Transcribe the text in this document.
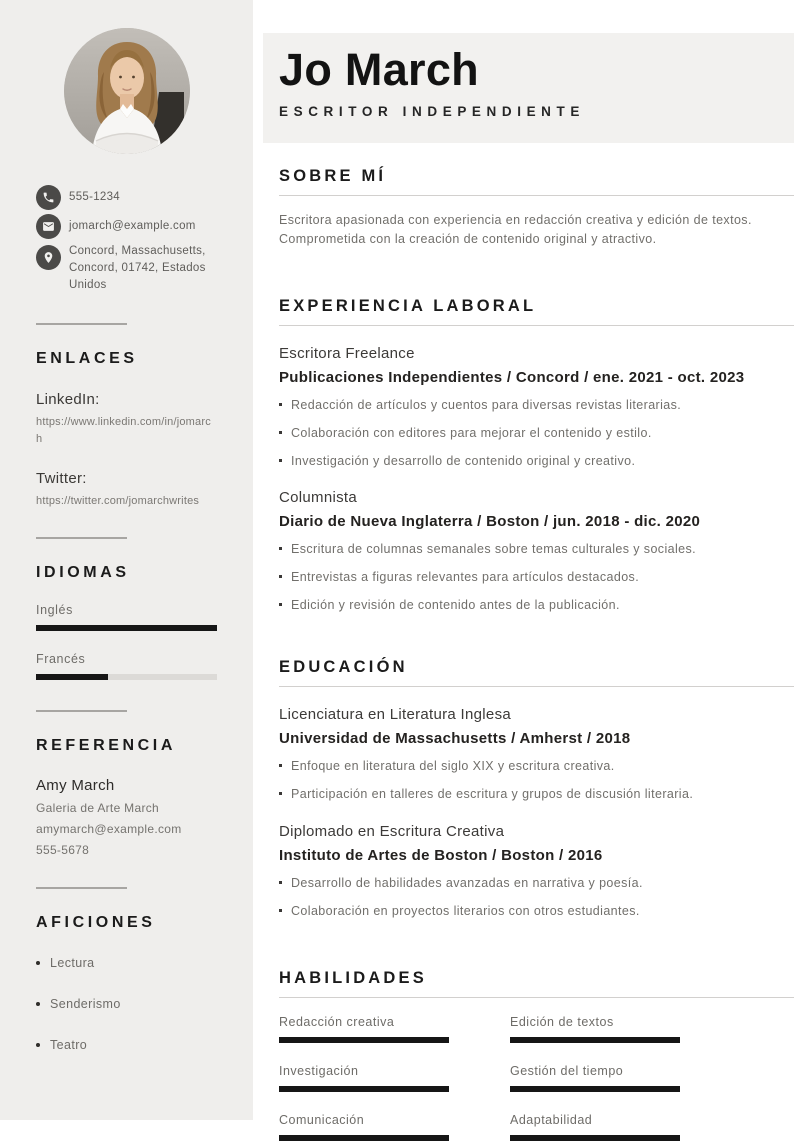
555-1234
jomarch@example.com
Concord, Massachusetts, Concord, 01742, Estados Unidos
ENLACES
LinkedIn:
https://www.linkedin.com/in/jomarch
Twitter:
https://twitter.com/jomarchwrites
IDIOMAS
Inglés
Francés
REFERENCIA
Amy March
Galeria de Arte March
amymarch@example.com
555-5678
AFICIONES
Lectura
Senderismo
Teatro
Jo March
ESCRITOR INDEPENDIENTE
SOBRE MÍ

Escritora apasionada con experiencia en redacción creativa y edición de textos. Comprometida con la creación de contenido original y atractivo.

EXPERIENCIA LABORAL
Escritora Freelance
Publicaciones Independientes / Concord / ene. 2021 - oct. 2023
Redacción de artículos y cuentos para diversas revistas literarias.
Colaboración con editores para mejorar el contenido y estilo.
Investigación y desarrollo de contenido original y creativo.
Columnista
Diario de Nueva Inglaterra / Boston / jun. 2018 - dic. 2020
Escritura de columnas semanales sobre temas culturales y sociales.
Entrevistas a figuras relevantes para artículos destacados.
Edición y revisión de contenido antes de la publicación.
EDUCACIÓN
Licenciatura en Literatura Inglesa
Universidad de Massachusetts / Amherst / 2018
Enfoque en literatura del siglo XIX y escritura creativa.
Participación en talleres de escritura y grupos de discusión literaria.
Diplomado en Escritura Creativa
Instituto de Artes de Boston / Boston / 2016
Desarrollo de habilidades avanzadas en narrativa y poesía.
Colaboración en proyectos literarios con otros estudiantes.
HABILIDADES
Redacción creativa	Edición de textos
Investigación	Gestión del tiempo
Comunicación	Adaptabilidad
